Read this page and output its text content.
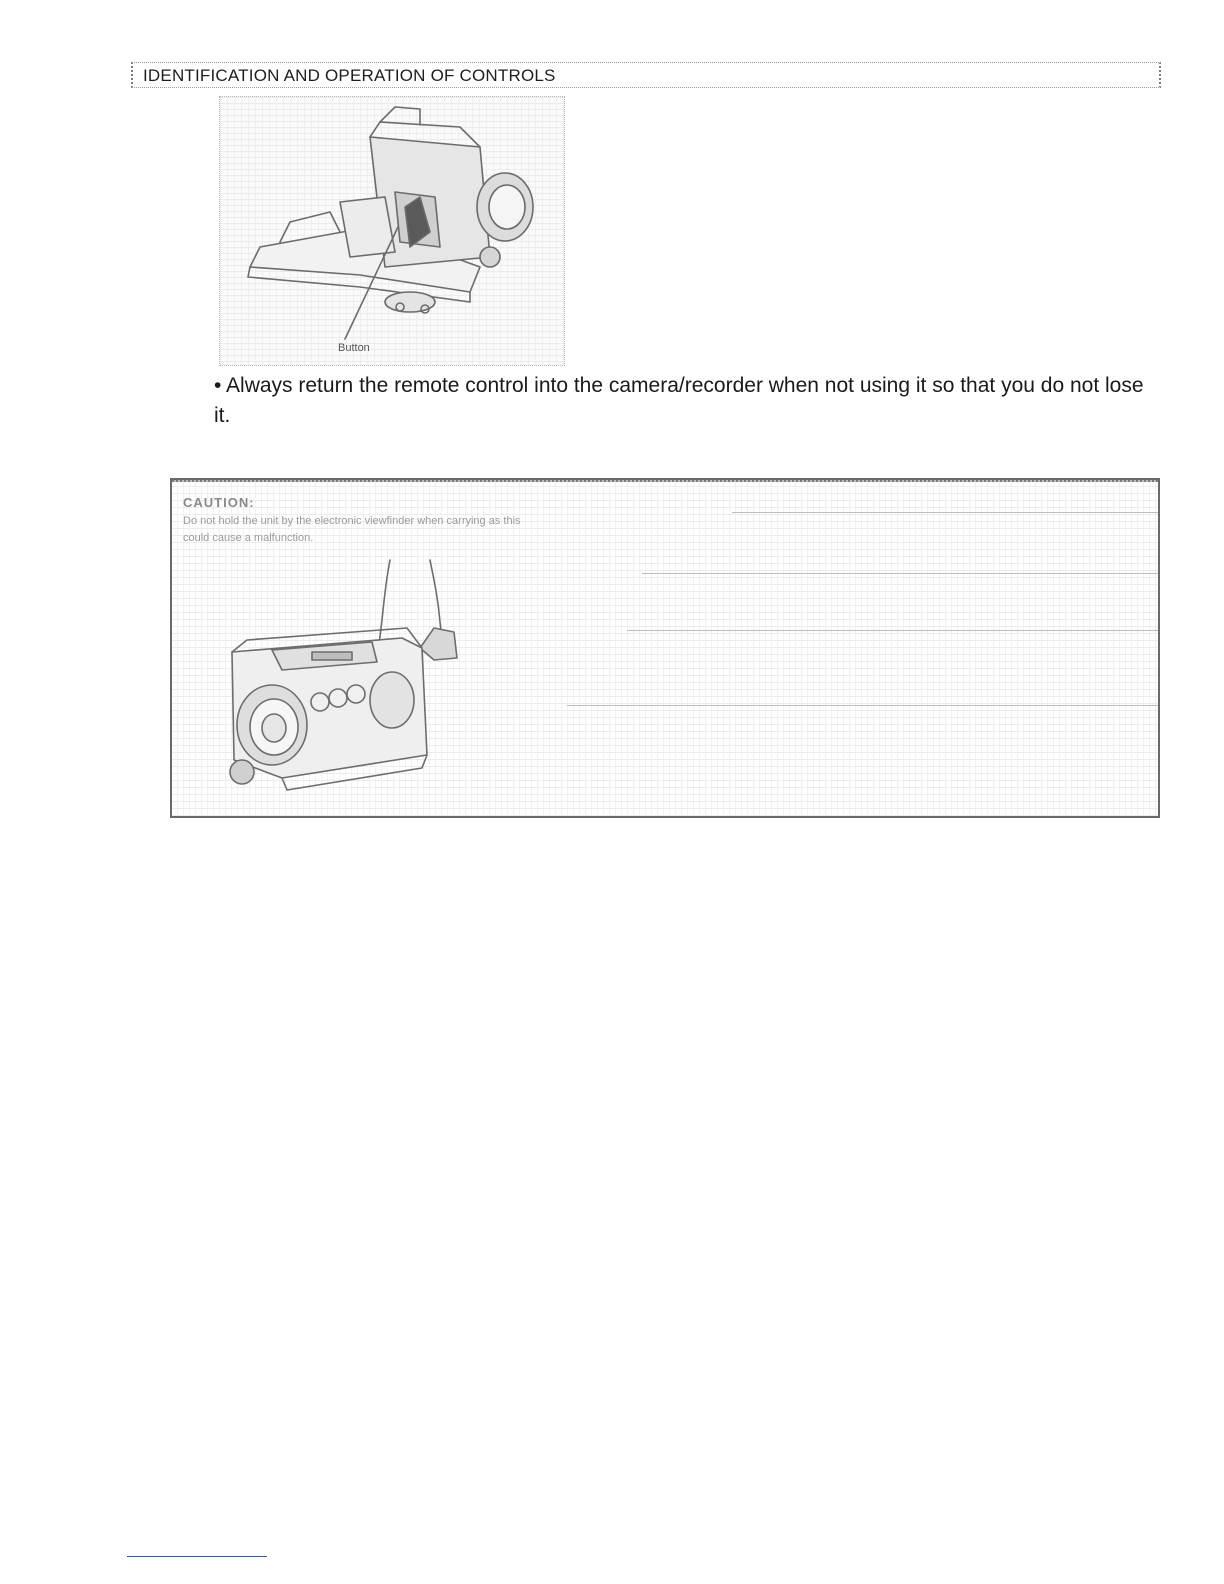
IDENTIFICATION AND OPERATION OF CONTROLS
Button

• Always return the remote control into the camera/recorder when not using it so that you do not lose it.

CAUTION:

Do not hold the unit by the electronic viewfinder when carrying as this could cause a malfunction.
